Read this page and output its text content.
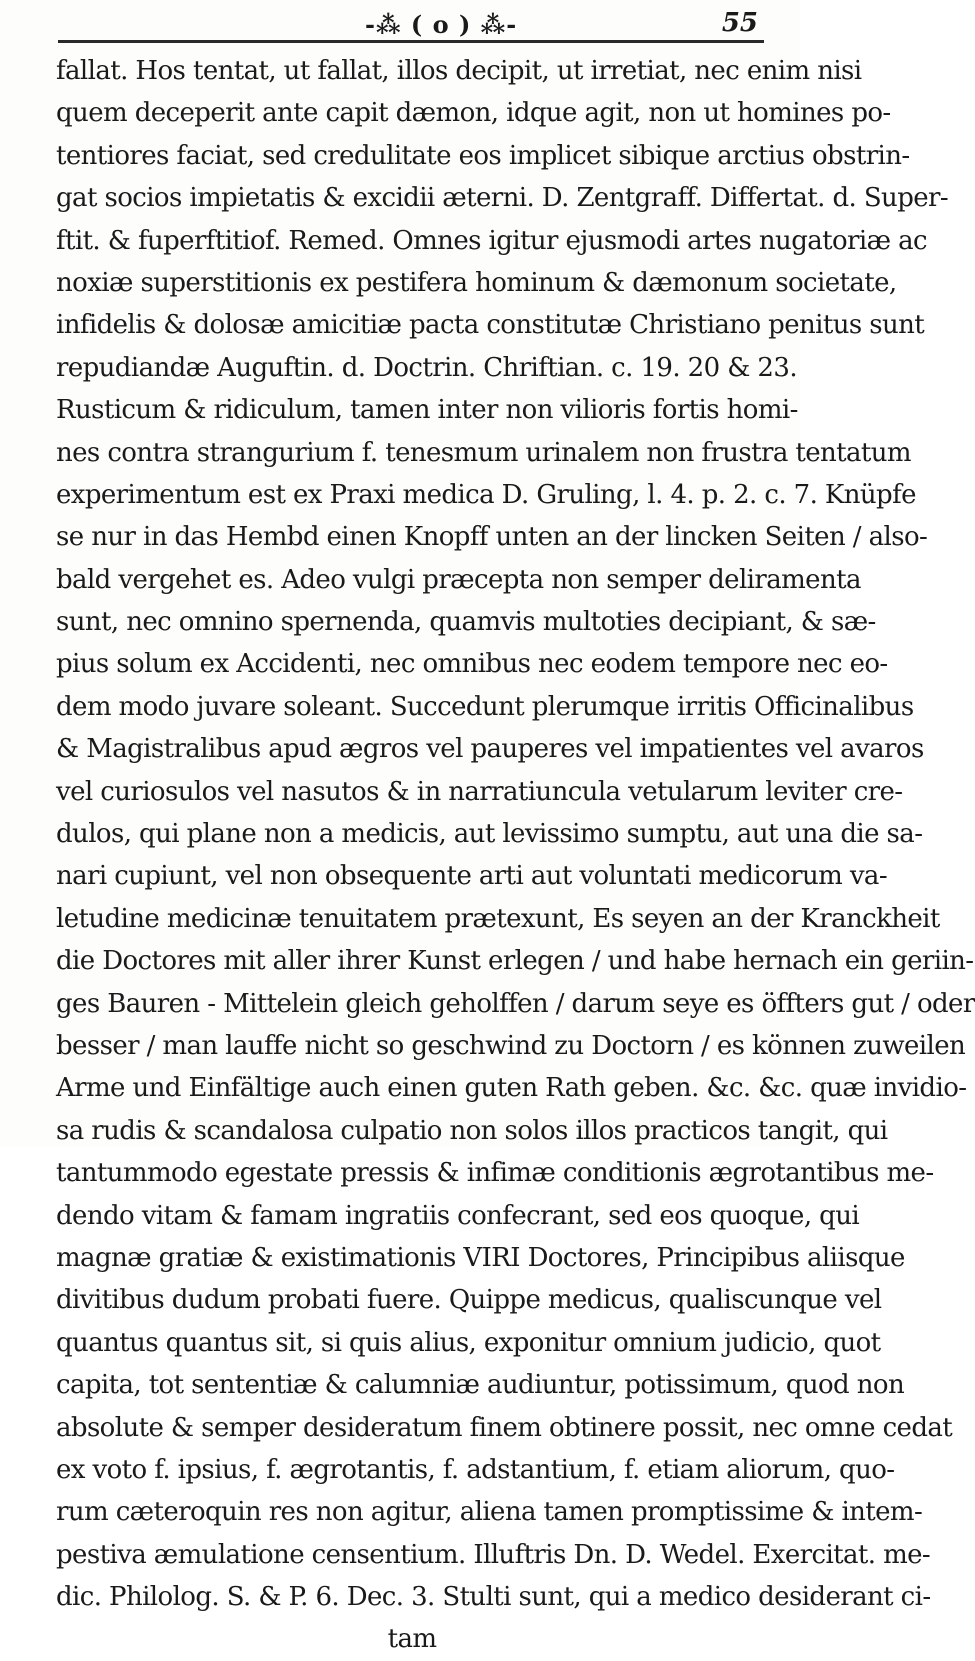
-⁂ ( o ) ⁂-	55
fallat. Hos tentat, ut fallat, illos decipit, ut irretiat, nec enim nisi
quem deceperit ante capit dæmon, idque agit, non ut homines po-
tentiores faciat, sed credulitate eos implicet sibique arctius obstrin-
gat socios impietatis & excidii æterni. D. Zentgraff. Differtat. d. Super-
ftit. & fuperftitiof. Remed. Omnes igitur ejusmodi artes nugatoriæ ac
noxiæ superstitionis ex pestifera hominum & dæmonum societate,
infidelis & dolosæ amicitiæ pacta constitutæ Christiano penitus sunt
repudiandæ Auguftin. d. Doctrin. Chriftian. c. 19. 20 & 23.
Rusticum & ridiculum, tamen inter non vilioris fortis homi-
nes contra strangurium f. tenesmum urinalem non frustra tentatum
experimentum est ex Praxi medica D. Gruling, l. 4. p. 2. c. 7. Knüpfe
se nur in das Hembd einen Knopff unten an der lincken Seiten / also-
bald vergehet es. Adeo vulgi præcepta non semper deliramenta
sunt, nec omnino spernenda, quamvis multoties decipiant, & sæ-
pius solum ex Accidenti, nec omnibus nec eodem tempore nec eo-
dem modo juvare soleant. Succedunt plerumque irritis Officinalibus
& Magistralibus apud ægros vel pauperes vel impatientes vel avaros
vel curiosulos vel nasutos & in narratiuncula vetularum leviter cre-
dulos, qui plane non a medicis, aut levissimo sumptu, aut una die sa-
nari cupiunt, vel non obsequente arti aut voluntati medicorum va-
letudine medicinæ tenuitatem prætexunt, Es seyen an der Kranckheit
die Doctores mit aller ihrer Kunst erlegen / und habe hernach ein geriin-
ges Bauren - Mittelein gleich geholffen / darum seye es öffters gut / oder
besser / man lauffe nicht so geschwind zu Doctorn / es können zuweilen
Arme und Einfältige auch einen guten Rath geben. &c. &c. quæ invidio-
sa rudis & scandalosa culpatio non solos illos practicos tangit, qui
tantummodo egestate pressis & infimæ conditionis ægrotantibus me-
dendo vitam & famam ingratiis confecrant, sed eos quoque, qui
magnæ gratiæ & existimationis VIRI Doctores, Principibus aliisque
divitibus dudum probati fuere. Quippe medicus, qualiscunque vel
quantus quantus sit, si quis alius, exponitur omnium judicio, quot
capita, tot sententiæ & calumniæ audiuntur, potissimum, quod non
absolute & semper desideratum finem obtinere possit, nec omne cedat
ex voto f. ipsius, f. ægrotantis, f. adstantium, f. etiam aliorum, quo-
rum cæteroquin res non agitur, aliena tamen promptissime & intem-
pestiva æmulatione censentium. Illuftris Dn. D. Wedel. Exercitat. me-
dic. Philolog. S. & P. 6. Dec. 3. Stulti sunt, qui a medico desiderant ci-
tam
